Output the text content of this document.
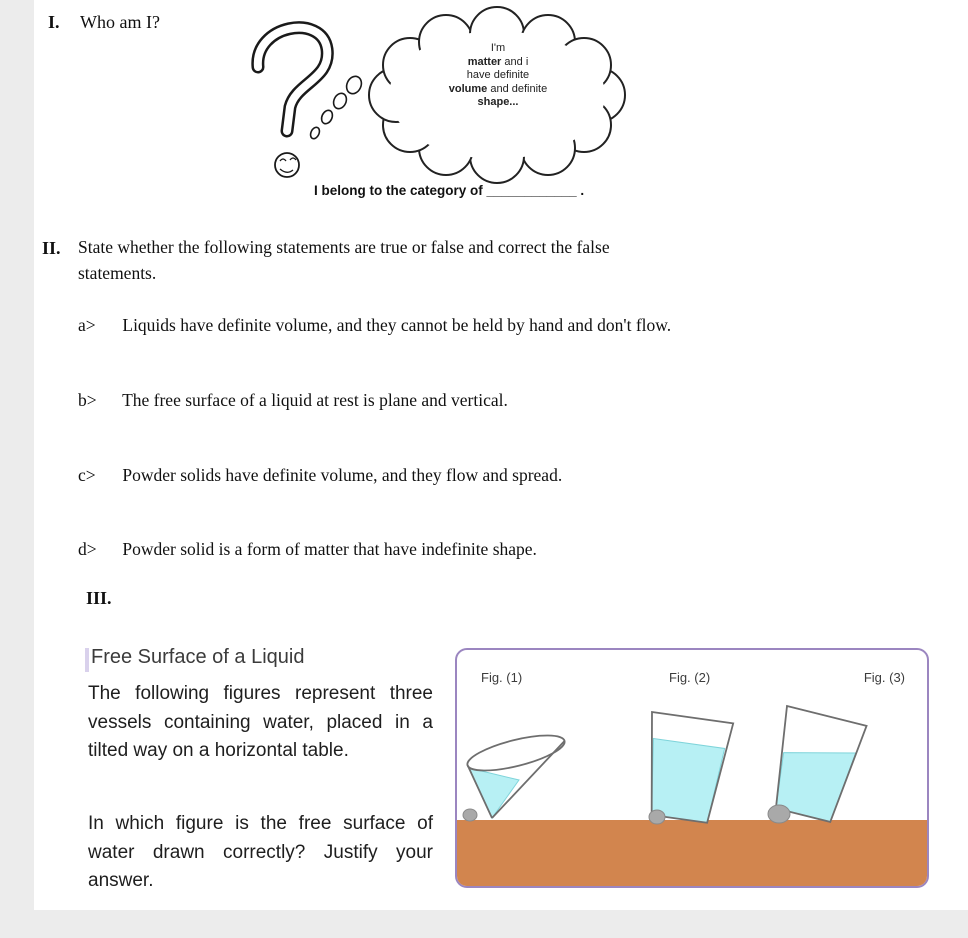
I. Who am I?
I'm
matter and i
have definite
volume and definite
shape...
I belong to the category of ____________ .
II. State whether the following statements are true or false and correct the false statements.
a> Liquids have definite volume, and they cannot be held by hand and don't flow.
b> The free surface of a liquid at rest is plane and vertical.
c> Powder solids have definite volume, and they flow and spread.
d> Powder solid is a form of matter that have indefinite shape.
III.
Free Surface of a Liquid
The following figures represent three vessels containing water, placed in a tilted way on a horizontal table.
In which figure is the free surface of water drawn correctly? Justify your answer.
Fig. (1)	Fig. (2)	Fig. (3)
